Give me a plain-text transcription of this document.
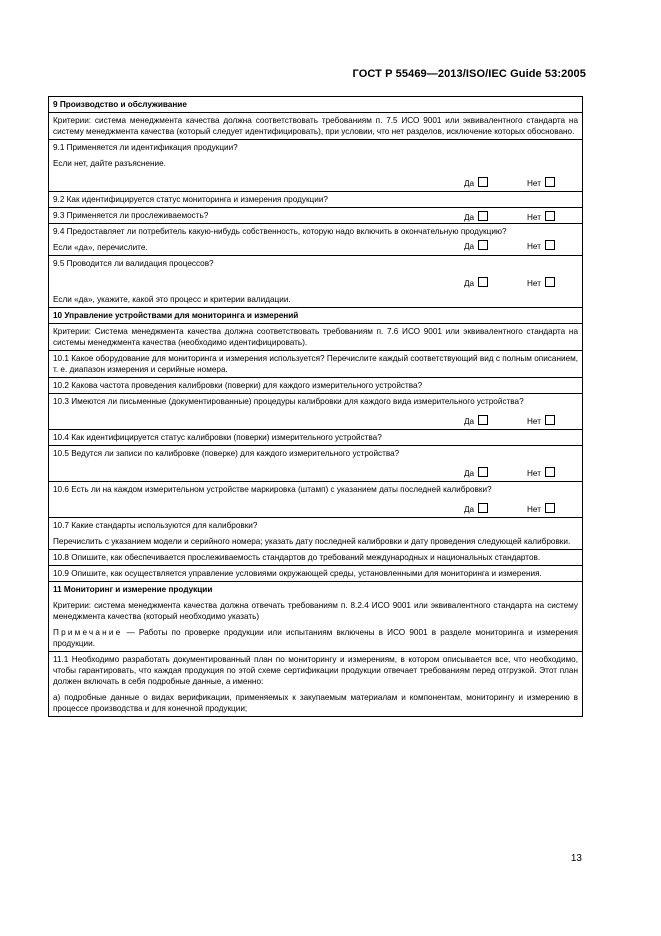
ГОСТ Р 55469—2013/ISO/IEC Guide 53:2005

9 Производство и обслуживание

Критерии: система менеджмента качества должна соответствовать требованиям п. 7.5 ИСО 9001 или эквивалентного стандарта на систему менеджмента качества (который следует идентифицировать), при условии, что нет разделов, исключение которых обосновано.

9.1 Применяется ли идентификация продукции?

Если нет, дайте разъяснение.

Да	Нет

9.2 Как идентифицируется статус мониторинга и измерения продукции?

9.3 Применяется ли прослеживаемость?	Да	Нет

9.4 Предоставляет ли потребитель какую-нибудь собственность, которую надо включить в окончательную продукцию?

Если «да», перечислите.	Да	Нет

9.5 Проводится ли валидация процессов?

Да	Нет

Если «да», укажите, какой это процесс и критерии валидации.

10 Управление устройствами для мониторинга и измерений

Критерии: Система менеджмента качества должна соответствовать требованиям п. 7.6 ИСО 9001 или эквивалентного стандарта на системы менеджмента качества (необходимо идентифицировать).

10.1 Какое оборудование для мониторинга и измерения используется? Перечислите каждый соответствующий вид с полным описанием, т. е. диапазон измерения и серийные номера.

10.2 Какова частота проведения калибровки (поверки) для каждого измерительного устройства?

10.3 Имеются ли письменные (документированные) процедуры калибровки для каждого вида измерительного устройства?

Да	Нет

10.4 Как идентифицируется статус калибровки (поверки) измерительного устройства?

10.5 Ведутся ли записи по калибровке (поверке) для каждого измерительного устройства?

Да	Нет

10.6 Есть ли на каждом измерительном устройстве маркировка (штамп) с указанием даты последней калибровки?

Да	Нет

10.7 Какие стандарты используются для калибровки?

Перечислить с указанием модели и серийного номера; указать дату последней калибровки и дату проведения следующей калибровки.

10.8 Опишите, как обеспечивается прослеживаемость стандартов до требований международных и национальных стандартов.

10.9 Опишите, как осуществляется управление условиями окружающей среды, установленными для мониторинга и измерения.

11 Мониторинг и измерение продукции

Критерии: система менеджмента качества должна отвечать требованиям п. 8.2.4 ИСО 9001 или эквивалентного стандарта на систему менеджмента качества (который необходимо указать)

Примечание — Работы по проверке продукции или испытаниям включены в ИСО 9001 в разделе мониторинга и измерения продукции.

11.1 Необходимо разработать документированный план по мониторингу и измерениям, в котором описывается все, что необходимо, чтобы гарантировать, что каждая продукция по этой схеме сертификации продукции отвечает требованиям перед отгрузкой. Этот план должен включать в себя подробные данные, а именно:

а) подробные данные о видах верификации, применяемых к закупаемым материалам и компонентам, мониторингу и измерению в процессе производства и для конечной продукции;

13
